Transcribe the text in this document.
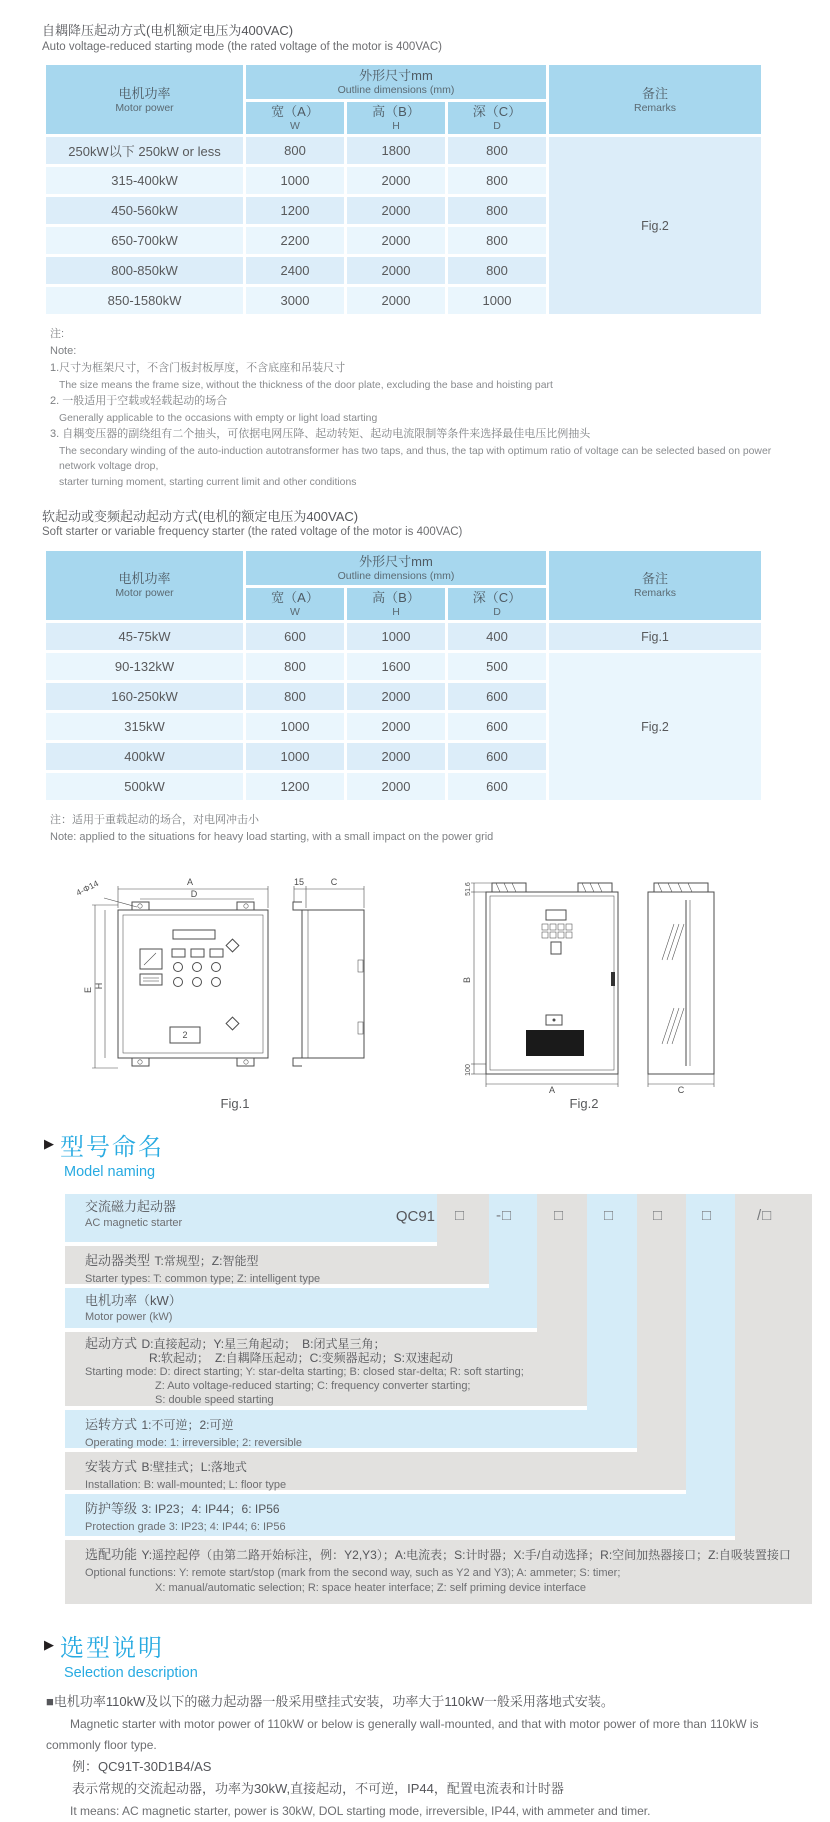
自耦降压起动方式(电机额定电压为400VAC)
Auto voltage-reduced starting mode (the rated voltage of the motor is 400VAC)
电机功率
Motor power

外形尺寸mm
Outline dimensions (mm)	备注
Remarks

宽（A）
W

高（B）
H

深（C）
D

250kW以下 250kW or less	800	1800	800	Fig.2
315-400kW	1000	2000	800	
450-560kW	1200	2000	800	
650-700kW	2200	2000	800	
800-850kW	2400	2000	800	
850-1580kW	3000	2000	1000	

注:

Note:

1.尺寸为框架尺寸，不含门板封板厚度，不含底座和吊装尺寸

The size means the frame size, without the thickness of the door plate, excluding the base and hoisting part

2. 一般适用于空载或轻载起动的场合

Generally applicable to the occasions with empty or light load starting

3. 自耦变压器的副绕组有二个抽头，可依据电网压降、起动转矩、起动电流限制等条件来选择最佳电压比例抽头

The secondary winding of the auto-induction autotransformer has two taps, and thus, the tap with optimum ratio of voltage can be selected based on power network voltage drop,

starter turning moment, starting current limit and other conditions

软起动或变频起动起动方式(电机的额定电压为400VAC)
Soft starter or variable frequency starter (the rated voltage of the motor is 400VAC)
电机功率
Motor power

外形尺寸mm
Outline dimensions (mm)	备注
Remarks

宽（A）
W

高（B）
H

深（C）
D

45-75kW	600	1000	400	Fig.1
90-132kW	800	1600	500	Fig.2
160-250kW	800	2000	600	
315kW	1000	2000	600	
400kW	1000	2000	600	
500kW	1200	2000	600	

注：适用于重载起动的场合，对电网冲击小

Note: applied to the situations for heavy load starting, with a small impact on the power grid

A
D
4-Φ14
E
H
2
15	C
Fig.1
51.6
B
100
A	C
Fig.2
▶ 型号命名
Model naming
交流磁力起动器
AC magnetic starter
起动器类型 T:常规型；Z:智能型
Starter types: T: common type; Z: intelligent type
电机功率（kW）
Motor power (kW)
起动方式 D:直接起动；Y:星三角起动；　B:闭式星三角；
R:软起动；　Z:自耦降压起动；C:变频器起动；S:双速起动
Starting mode: D: direct starting; Y: star-delta starting; B: closed star-delta; R: soft starting;
Z: Auto voltage-reduced starting; C: frequency converter starting;
S: double speed starting
运转方式 1:不可逆；2:可逆
Operating mode: 1: irreversible; 2: reversible
安装方式 B:壁挂式；L:落地式
Installation: B: wall-mounted; L: floor type
防护等级 3: IP23；4: IP44；6: IP56
Protection grade 3: IP23; 4: IP44; 6: IP56
选配功能 Y:遥控起停（由第二路开始标注，例：Y2,Y3）；A:电流表；S:计时器；X:手/自动选择；R:空间加热器接口；Z:自吸装置接口
Optional functions: Y: remote start/stop (mark from the second way, such as Y2 and Y3); A: ammeter; S: timer;
X: manual/automatic selection; R: space heater interface; Z: self priming device interface
QC91 □ -□	□	□	□	□	/□
▶ 选型说明
Selection description

■电机功率110kW及以下的磁力起动器一般采用壁挂式安装，功率大于110kW一般采用落地式安装。

Magnetic starter with motor power of 110kW or below is generally wall-mounted, and that with motor power of more than 110kW is commonly floor type.

例：QC91T-30D1B4/AS

表示常规的交流起动器，功率为30kW,直接起动，不可逆，IP44，配置电流表和计时器

It means: AC magnetic starter, power is 30kW, DOL starting mode, irreversible, IP44, with ammeter and timer.
